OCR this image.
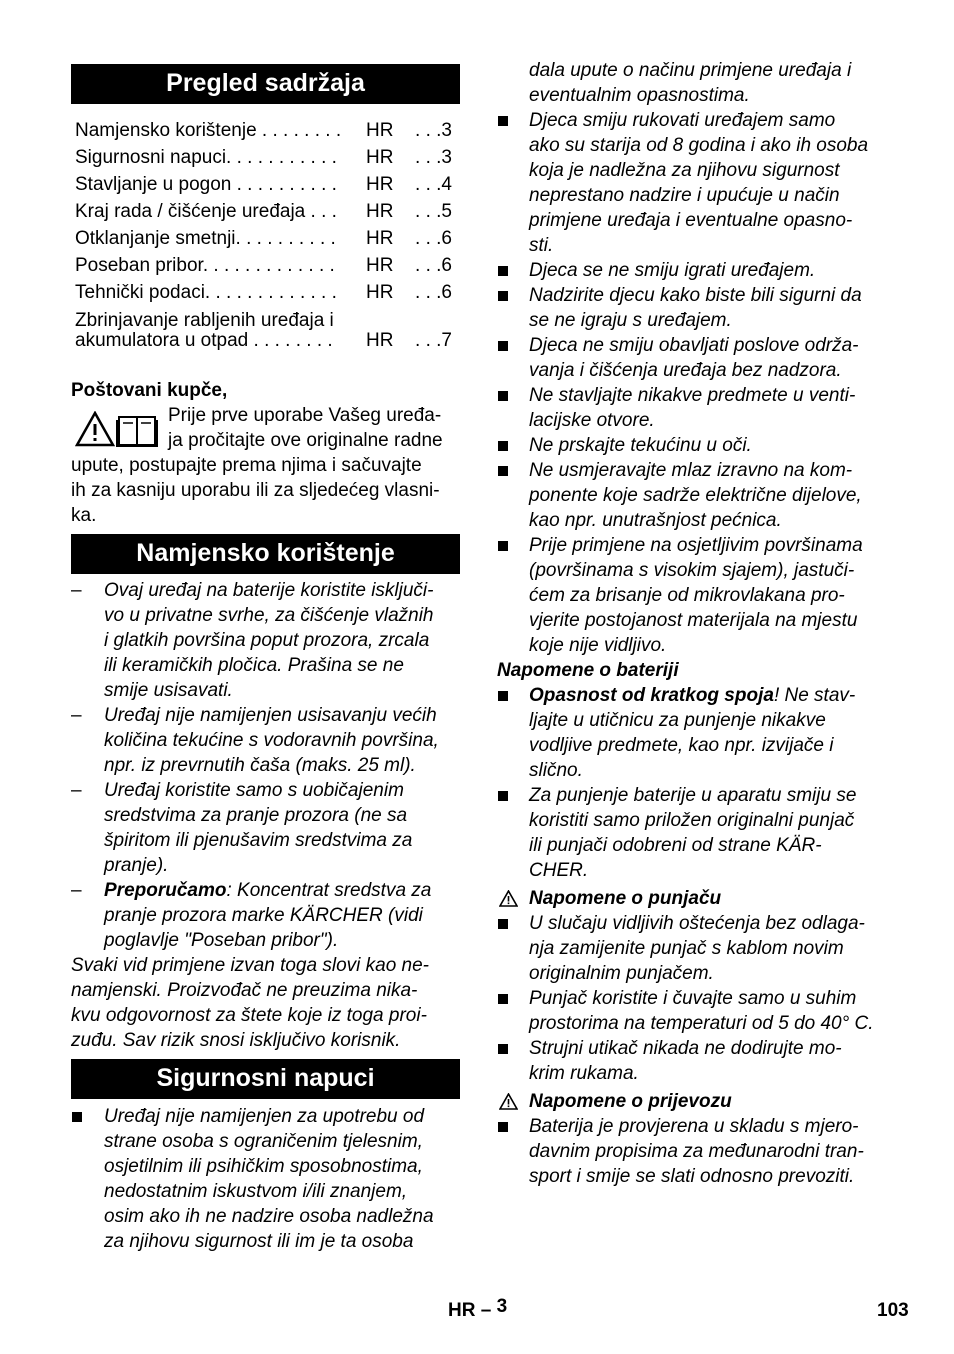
Pregled sadržaja
Namjensko korištenje . . . . . . . . HR . . .3
Sigurnosni napuci. . . . . . . . . . . HR . . .3
Stavljanje u pogon . . . . . . . . . . HR . . .4
Kraj rada / čišćenje uređaja . . . HR . . .5
Otklanjanje smetnji. . . . . . . . . . HR . . .6
Poseban pribor. . . . . . . . . . . . . HR . . .6
Tehnički podaci. . . . . . . . . . . . . HR . . .6
Zbrinjavanje rabljenih uređaja i
akumulatora u otpad . . . . . . . . HR . . .7
Poštovani kupče,
Prije prve uporabe Vašeg uređa-
ja pročitajte ove originalne radne
upute, postupajte prema njima i sačuvajte
ih za kasniju uporabu ili za sljedećeg vlasni-
ka.
Namjensko korištenje
– Ovaj uređaj na baterije koristite isključi-
vo u privatne svrhe, za čišćenje vlažnih
i glatkih površina poput prozora, zrcala
ili keramičkih pločica. Prašina se ne
smije usisavati.
– Uređaj nije namijenjen usisavanju većih
količina tekućine s vodoravnih površina,
npr. iz prevrnutih čaša (maks. 25 ml).
– Uređaj koristite samo s uobičajenim
sredstvima za pranje prozora (ne sa
špiritom ili pjenušavim sredstvima za
pranje).
– Preporučamo: Koncentrat sredstva za
pranje prozora marke KÄRCHER (vidi
poglavlje "Poseban pribor").
Svaki vid primjene izvan toga slovi kao ne-
namjenski. Proizvođač ne preuzima nika-
kvu odgovornost za štete koje iz toga proi-
zиđu. Sav rizik snosi isključivo korisnik.
Sigurnosni napuci
Uređaj nije namijenjen za upotrebu od
strane osoba s ograničenim tjelesnim,
osjetilnim ili psihičkim sposobnostima,
nedostatnim iskustvom i/ili znanjem,
osim ako ih ne nadzire osoba nadležna
za njihovu sigurnost ili im je ta osoba
dala upute o načinu primjene uređaja i
eventualnim opasnostima.
Djeca smiju rukovati uređajem samo
ako su starija od 8 godina i ako ih osoba
koja je nadležna za njihovu sigurnost
neprestano nadzire i upućuje u način
primjene uređaja i eventualne opasno-
sti.
Djeca se ne smiju igrati uređajem.
Nadzirite djecu kako biste bili sigurni da
se ne igraju s uređajem.
Djeca ne smiju obavljati poslove održa-
vanja i čišćenja uređaja bez nadzora.
Ne stavljajte nikakve predmete u venti-
lacijske otvore.
Ne prskajte tekućinu u oči.
Ne usmjeravajte mlaz izravno na kom-
ponente koje sadrže električne dijelove,
kao npr. unutrašnjost pećnica.
Prije primjene na osjetljivim površinama
(površinama s visokim sjajem), jastuči-
ćem za brisanje od mikrovlakana pro-
vjerite postojanost materijala na mjestu
koje nije vidljivo.
Napomene o bateriji
Opasnost od kratkog spoja! Ne stav-
ljajte u utičnicu za punjenje nikakve
vodljive predmete, kao npr. izvijače i
slično.
Za punjenje baterije u aparatu smiju se
koristiti samo priložen originalni punjač
ili punjači odobreni od strane KÄR-
CHER.
Napomene o punjaču
U slučaju vidljivih oštećenja bez odlaga-
nja zamijenite punjač s kablom novim
originalnim punjačem.
Punjač koristite i čuvajte samo u suhim
prostorima na temperaturi od 5 do 40° C.
Strujni utikač nikada ne dodirujte mo-
krim rukama.
Napomene o prijevozu
Baterija je provjerena u skladu s mjero-
davnim propisima za međunarodni tran-
sport i smije se slati odnosno prevoziti.
HR – 3	103
